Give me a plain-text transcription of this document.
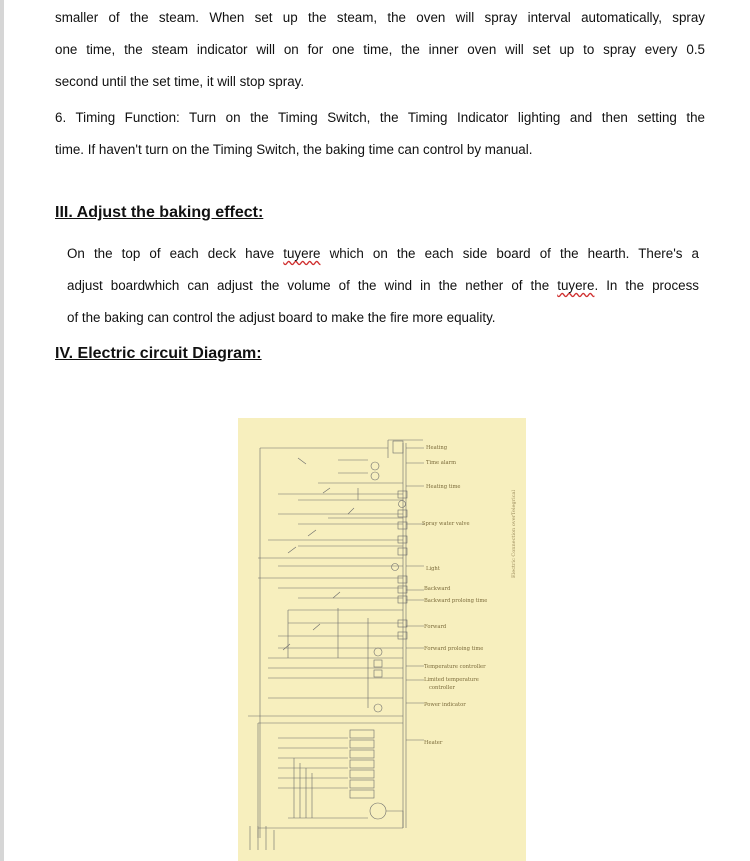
smaller of the steam. When set up the steam, the oven will spray interval automatically, spray
one time, the steam indicator will on for one time, the inner oven will set up to spray every 0.5
second until the set time, it will stop spray.
6. Timing Function: Turn on the Timing Switch, the Timing Indicator lighting and then setting the
time. If haven't turn on the Timing Switch, the baking time can control by manual.
III. Adjust the baking effect:
On the top of each deck have tuyere which on the each side board of the hearth. There's a
adjust boardwhich can adjust the volume of the wind in the nether of the tuyere. In the process
of the baking can control the adjust board to make the fire more equality.
IV. Electric circuit Diagram:
Heating
Time alarm
Heating time
Spray water valve
Light
Backward
Backward proloing time
Forward
Forward proloing time
Temperature controller
Limited temperature
controller
Power indicator
Heater
Electric Connection overTelegrical
